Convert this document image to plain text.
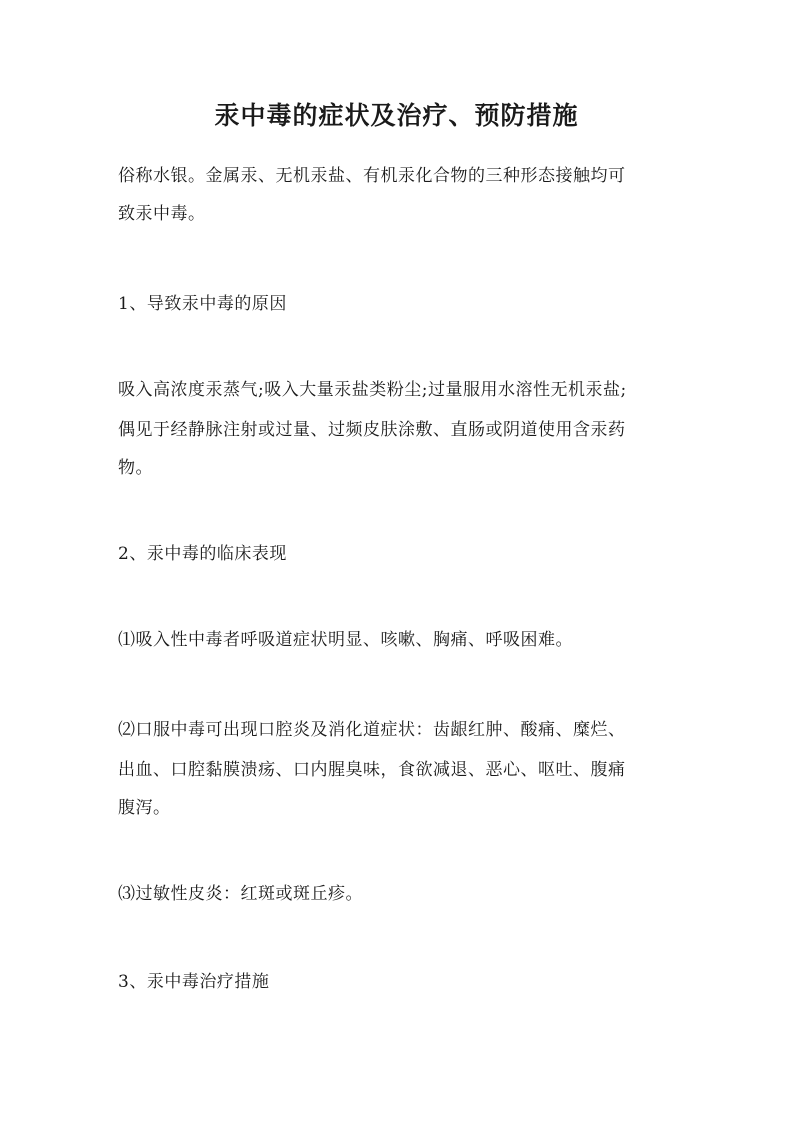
汞中毒的症状及治疗、预防措施
俗称水银。金属汞、无机汞盐、有机汞化合物的三种形态接触均可
致汞中毒。
1、导致汞中毒的原因
吸入高浓度汞蒸气;吸入大量汞盐类粉尘;过量服用水溶性无机汞盐;
偶见于经静脉注射或过量、过频皮肤涂敷、直肠或阴道使用含汞药
物。
2、汞中毒的临床表现
⑴吸入性中毒者呼吸道症状明显、咳嗽、胸痛、呼吸困难。
⑵口服中毒可出现口腔炎及消化道症状：齿龈红肿、酸痛、糜烂、
出血、口腔黏膜溃疡、口内腥臭味，食欲减退、恶心、呕吐、腹痛
腹泻。
⑶过敏性皮炎：红斑或斑丘疹。
3、汞中毒治疗措施
